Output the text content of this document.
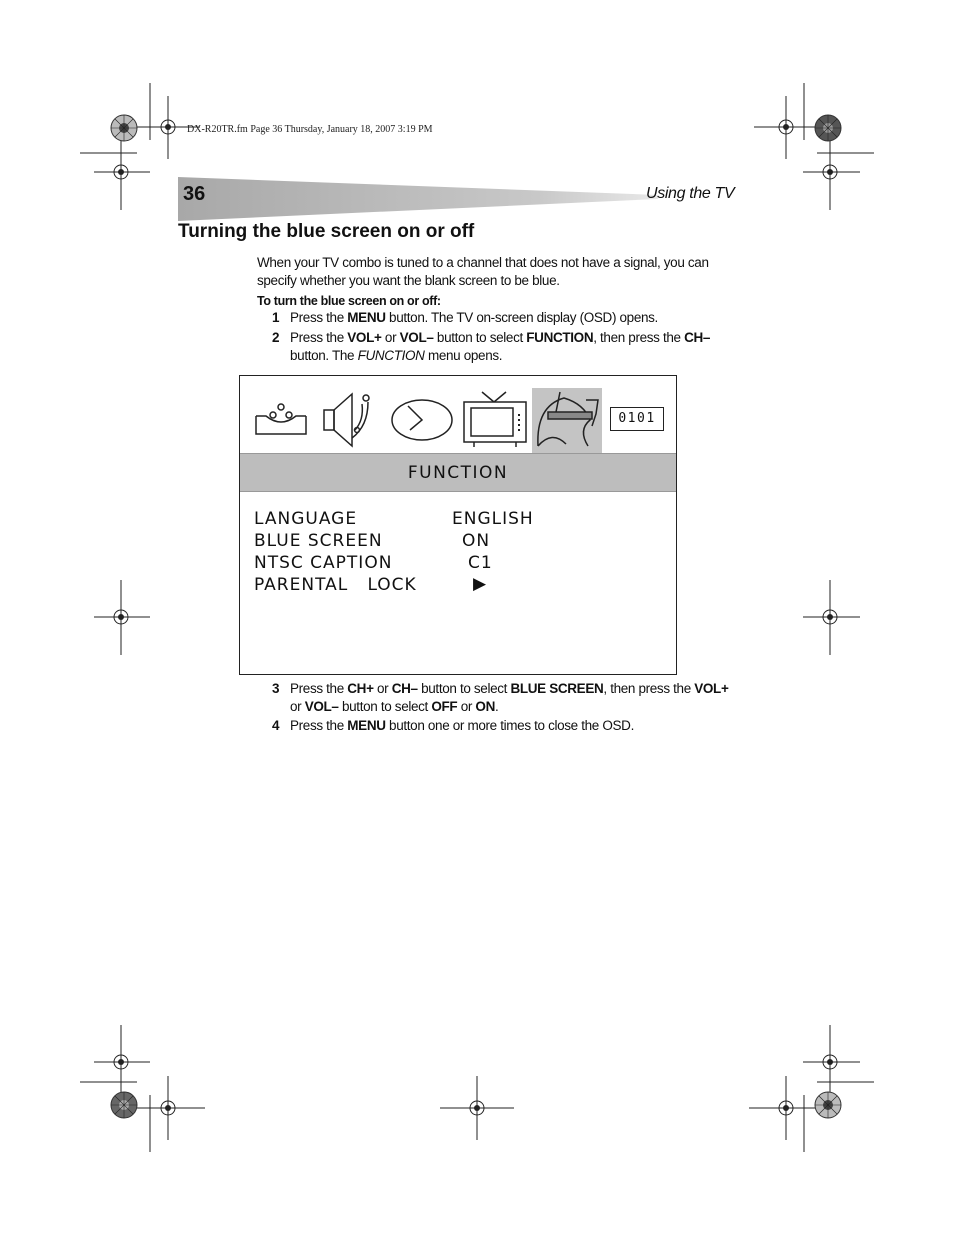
DX-R20TR.fm Page 36 Thursday, January 18, 2007 3:19 PM
36	Using the TV
Turning the blue screen on or off
When your TV combo is tuned to a channel that does not have a signal, you can specify whether you want the blank screen to be blue.
To turn the blue screen on or off:
1 Press the MENU button. The TV on-screen display (OSD) opens.
2 Press the VOL+ or VOL– button to select FUNCTION, then press the CH– button. The FUNCTION menu opens.
0101
FUNCTION
LANGUAGE	ENGLISH
BLUE SCREEN	ON
NTSC CAPTION	C1
PARENTAL   LOCK	▶
3 Press the CH+ or CH– button to select BLUE SCREEN, then press the VOL+ or VOL– button to select OFF or ON.
4 Press the MENU button one or more times to close the OSD.
